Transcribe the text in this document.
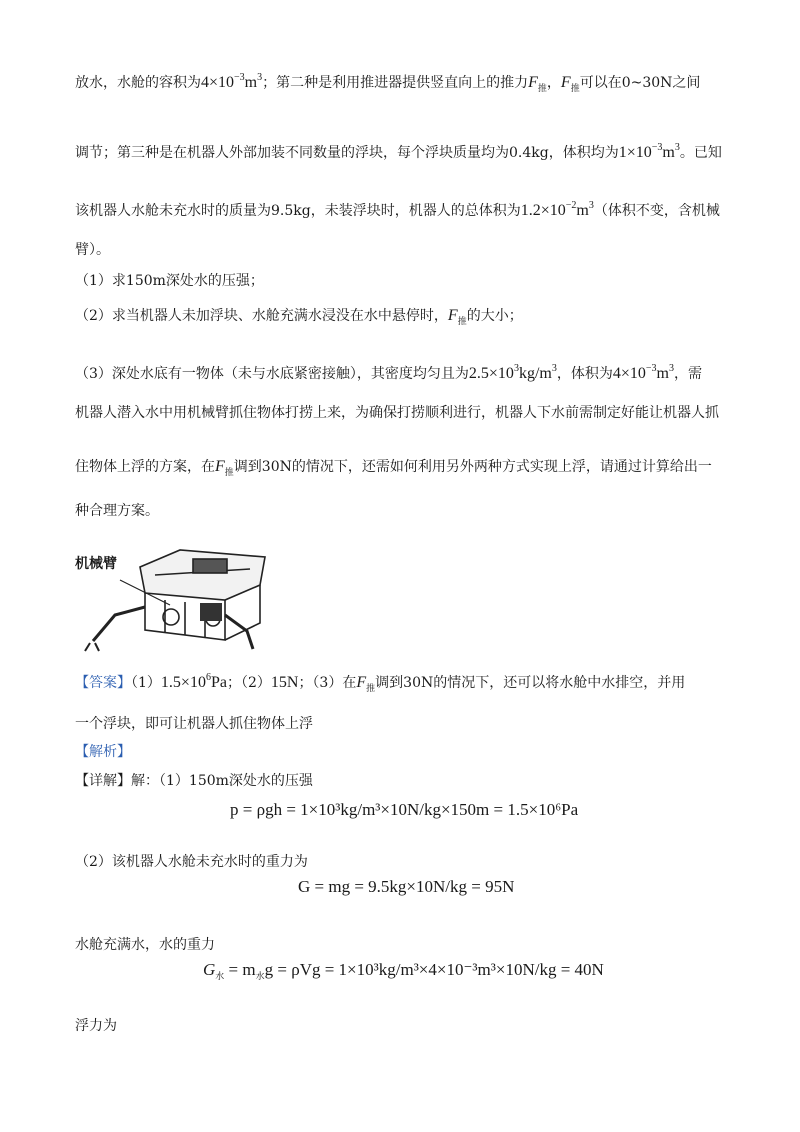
放水，水舱的容积为$4\times 10^{-3}m^3$；第二种是利用推进器提供竖直向上的推力$F_推$，$F_推$可以在0~30N之间
调节；第三种是在机器人外部加装不同数量的浮块，每个浮块质量均为0.4kg，体积均为$1\times 10^{-3}m^3$。已知
该机器人水舱未充水时的质量为9.5kg，未装浮块时，机器人的总体积为$1.2\times 10^{-2}m^3$（体积不变，含机械
臂）。
（1）求150m深处水的压强；
（2）求当机器人未加浮块、水舱充满水浸没在水中悬停时，$F_推$的大小；
（3）深处水底有一物体（未与水底紧密接触），其密度均匀且为$2.5\times 10^3kg/m^3$，体积为$4\times 10^{-3}m^3$，需
机器人潜入水中用机械臂抓住物体打捞上来，为确保打捞顺利进行，机器人下水前需制定好能让机器人抓
住物体上浮的方案，在$F_推$调到30N的情况下，还需如何利用另外两种方式实现上浮，请通过计算给出一
种合理方案。
机械臂
【答案】$(1)1.5\times 10^6Pa$；（2）15N；（3）在$F_推$调到30N的情况下，还可以将水舱中水排空，并用
一个浮块，即可让机器人抓住物体上浮
【解析】
【详解】解：（1）150m深处水的压强
p = ρgh = 1×10³kg/m³×10N/kg×150m = 1.5×10⁶Pa
（2）该机器人水舱未充水时的重力为
G = mg = 9.5kg×10N/kg = 95N
水舱充满水，水的重力
$G_水 = m_水g = \rho Vg = 1\times 10^3kg/m^3\times 4\times 10^{-3}m^3\times 10N/kg = 40N$
浮力为
